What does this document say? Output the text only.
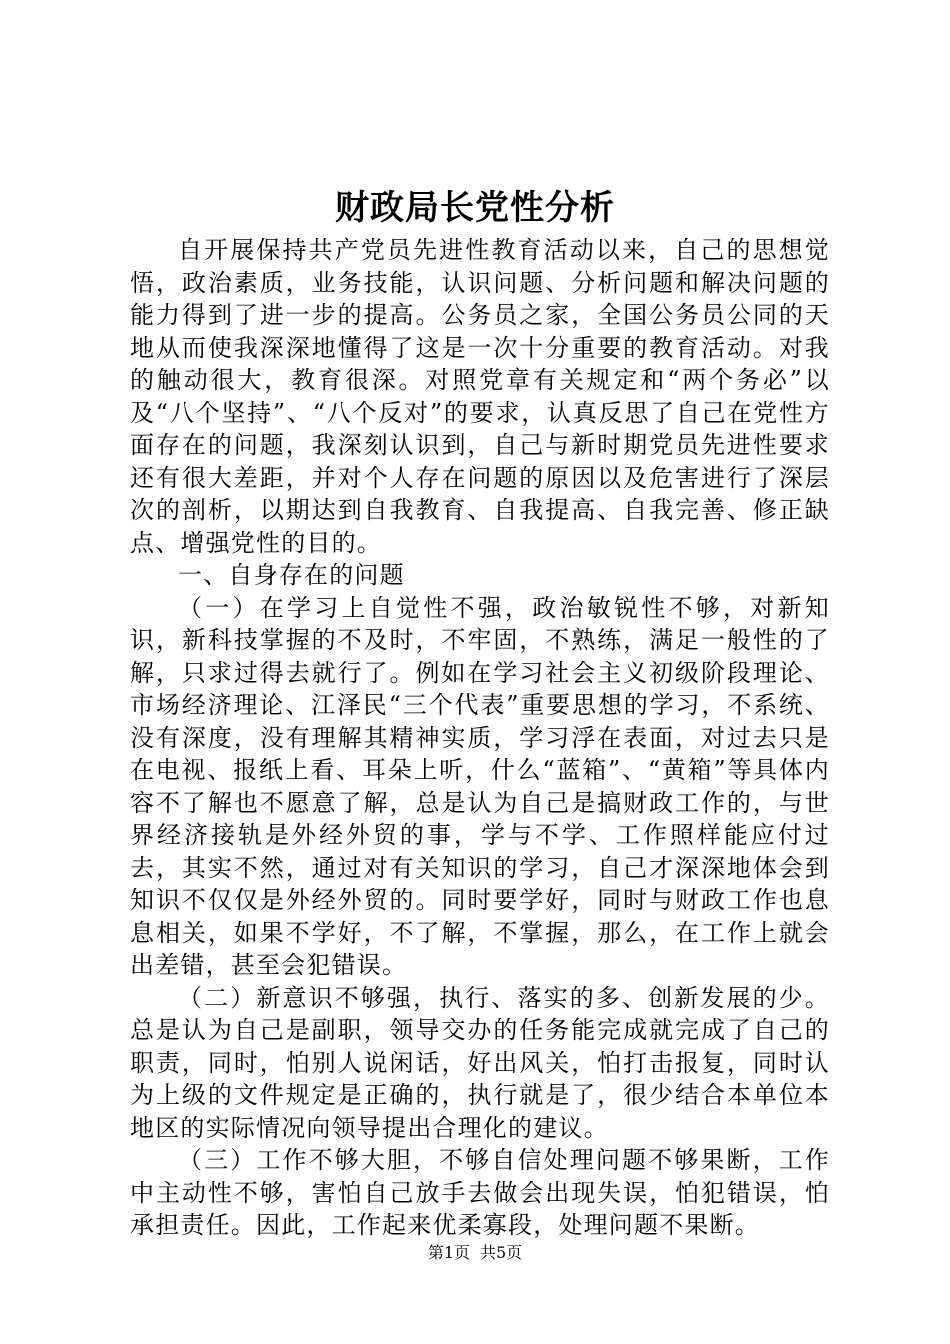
财政局长党性分析

自开展保持共产党员先进性教育活动以来，自己的思想觉悟，政治素质，业务技能，认识问题、分析问题和解决问题的能力得到了进一步的提高。公务员之家，全国公务员公同的天地从而使我深深地懂得了这是一次十分重要的教育活动。对我的触动很大，教育很深。对照党章有关规定和“两个务必”以及“八个坚持”、“八个反对”的要求，认真反思了自己在党性方面存在的问题，我深刻认识到，自己与新时期党员先进性要求还有很大差距，并对个人存在问题的原因以及危害进行了深层次的剖析，以期达到自我教育、自我提高、自我完善、修正缺点、增强党性的目的。

一、自身存在的问题

（一）在学习上自觉性不强，政治敏锐性不够，对新知识，新科技掌握的不及时，不牢固，不熟练，满足一般性的了解，只求过得去就行了。例如在学习社会主义初级阶段理论、市场经济理论、江泽民“三个代表”重要思想的学习，不系统、没有深度，没有理解其精神实质，学习浮在表面，对过去只是在电视、报纸上看、耳朵上听，什么“蓝箱”、“黄箱”等具体内容不了解也不愿意了解，总是认为自己是搞财政工作的，与世界经济接轨是外经外贸的事，学与不学、工作照样能应付过去，其实不然，通过对有关知识的学习，自己才深深地体会到知识不仅仅是外经外贸的。同时要学好，同时与财政工作也息息相关，如果不学好，不了解，不掌握，那么，在工作上就会出差错，甚至会犯错误。

（二）新意识不够强，执行、落实的多、创新发展的少。总是认为自己是副职，领导交办的任务能完成就完成了自己的职责，同时，怕别人说闲话，好出风关，怕打击报复，同时认为上级的文件规定是正确的，执行就是了，很少结合本单位本地区的实际情况向领导提出合理化的建议。

（三）工作不够大胆，不够自信处理问题不够果断，工作中主动性不够，害怕自己放手去做会出现失误，怕犯错误，怕承担责任。因此，工作起来优柔寡段，处理问题不果断。

第1页 共5页
